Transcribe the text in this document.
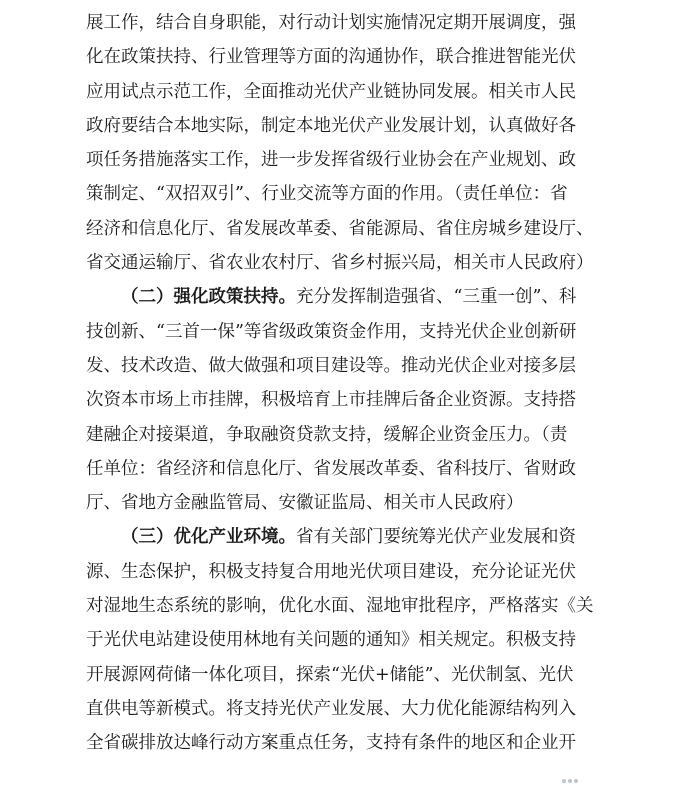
展工作，结合自身职能，对行动计划实施情况定期开展调度，强
化在政策扶持、行业管理等方面的沟通协作，联合推进智能光伏
应用试点示范工作，全面推动光伏产业链协同发展。相关市人民
政府要结合本地实际，制定本地光伏产业发展计划，认真做好各
项任务措施落实工作，进一步发挥省级行业协会在产业规划、政
策制定、“双招双引”、行业交流等方面的作用。（责任单位：省
经济和信息化厅、省发展改革委、省能源局、省住房城乡建设厅、
省交通运输厅、省农业农村厅、省乡村振兴局，相关市人民政府）
（二）强化政策扶持。充分发挥制造强省、“三重一创”、科
技创新、“三首一保”等省级政策资金作用，支持光伏企业创新研
发、技术改造、做大做强和项目建设等。推动光伏企业对接多层
次资本市场上市挂牌，积极培育上市挂牌后备企业资源。支持搭
建融企对接渠道，争取融资贷款支持，缓解企业资金压力。（责
任单位：省经济和信息化厅、省发展改革委、省科技厅、省财政
厅、省地方金融监管局、安徽证监局、相关市人民政府）
（三）优化产业环境。省有关部门要统筹光伏产业发展和资
源、生态保护，积极支持复合用地光伏项目建设，充分论证光伏
对湿地生态系统的影响，优化水面、湿地审批程序，严格落实《关
于光伏电站建设使用林地有关问题的通知》相关规定。积极支持
开展源网荷储一体化项目，探索“光伏+储能”、光伏制氢、光伏
直供电等新模式。将支持光伏产业发展、大力优化能源结构列入
全省碳排放达峰行动方案重点任务，支持有条件的地区和企业开
